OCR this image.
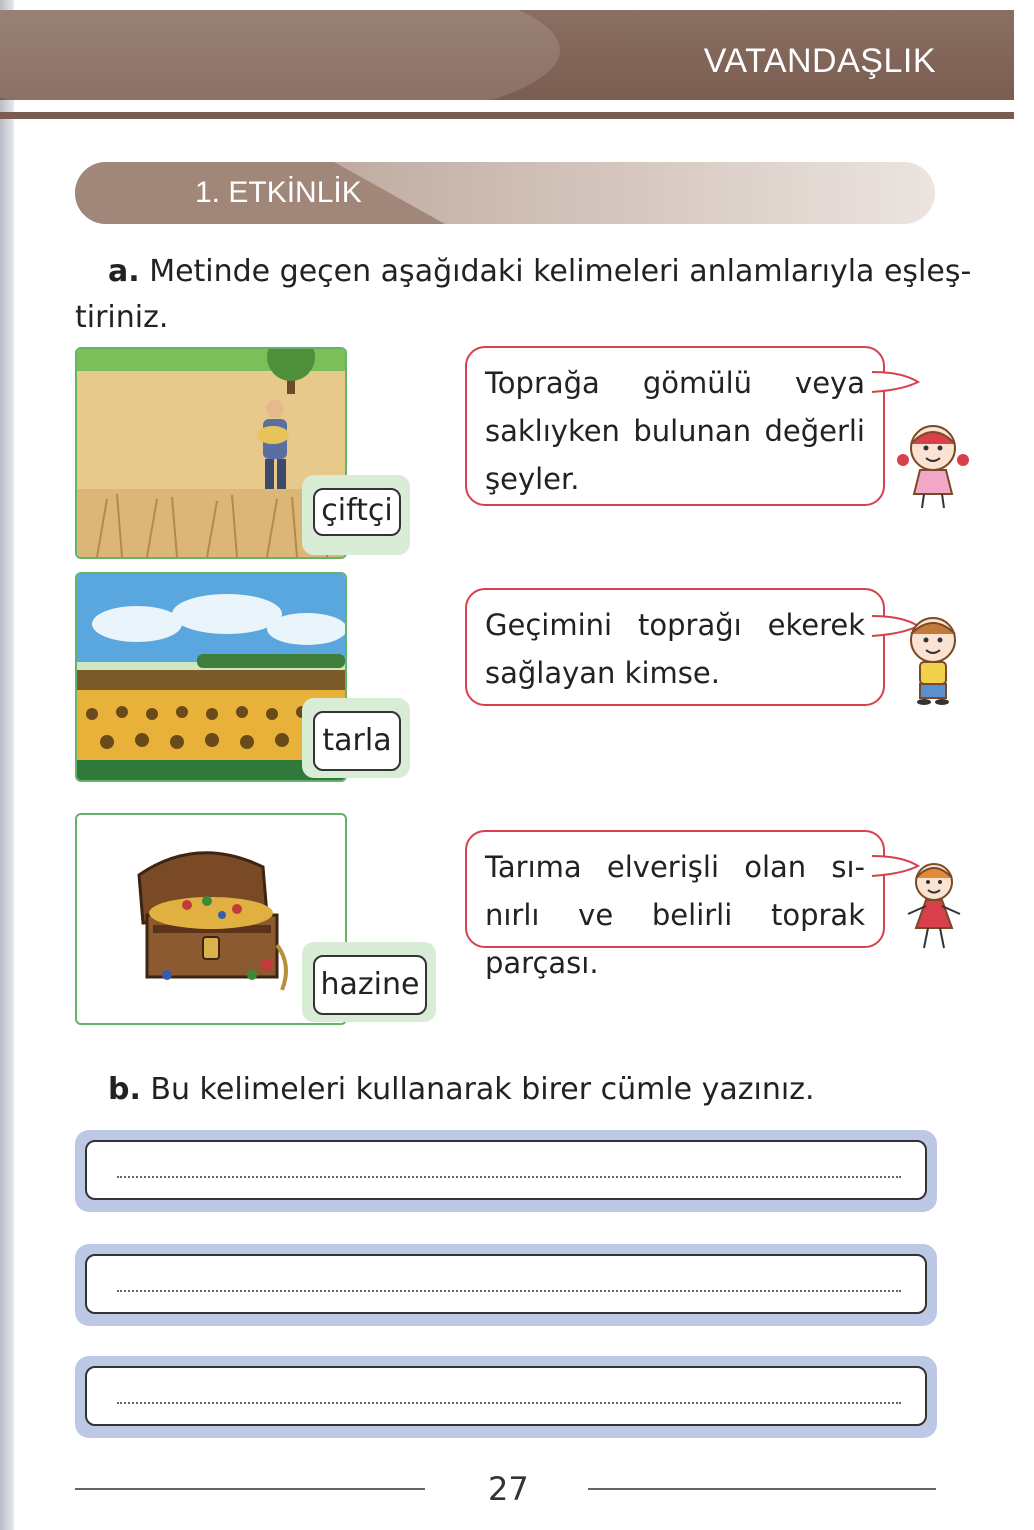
VATANDAŞLIK
1. ETKİNLİK
a. Metinde geçen aşağıdaki kelimeleri anlamlarıyla eşleş-
tiriniz.
çiftçi
tarla
hazine
Toprağa gömülü veya saklıyken bulunan değerli şeyler.
Geçimini toprağı ekerek sağlayan kimse.
Tarıma elverişli olan sı-nırlı ve belirli toprak parçası.
b. Bu kelimeleri kullanarak birer cümle yazınız.
27
